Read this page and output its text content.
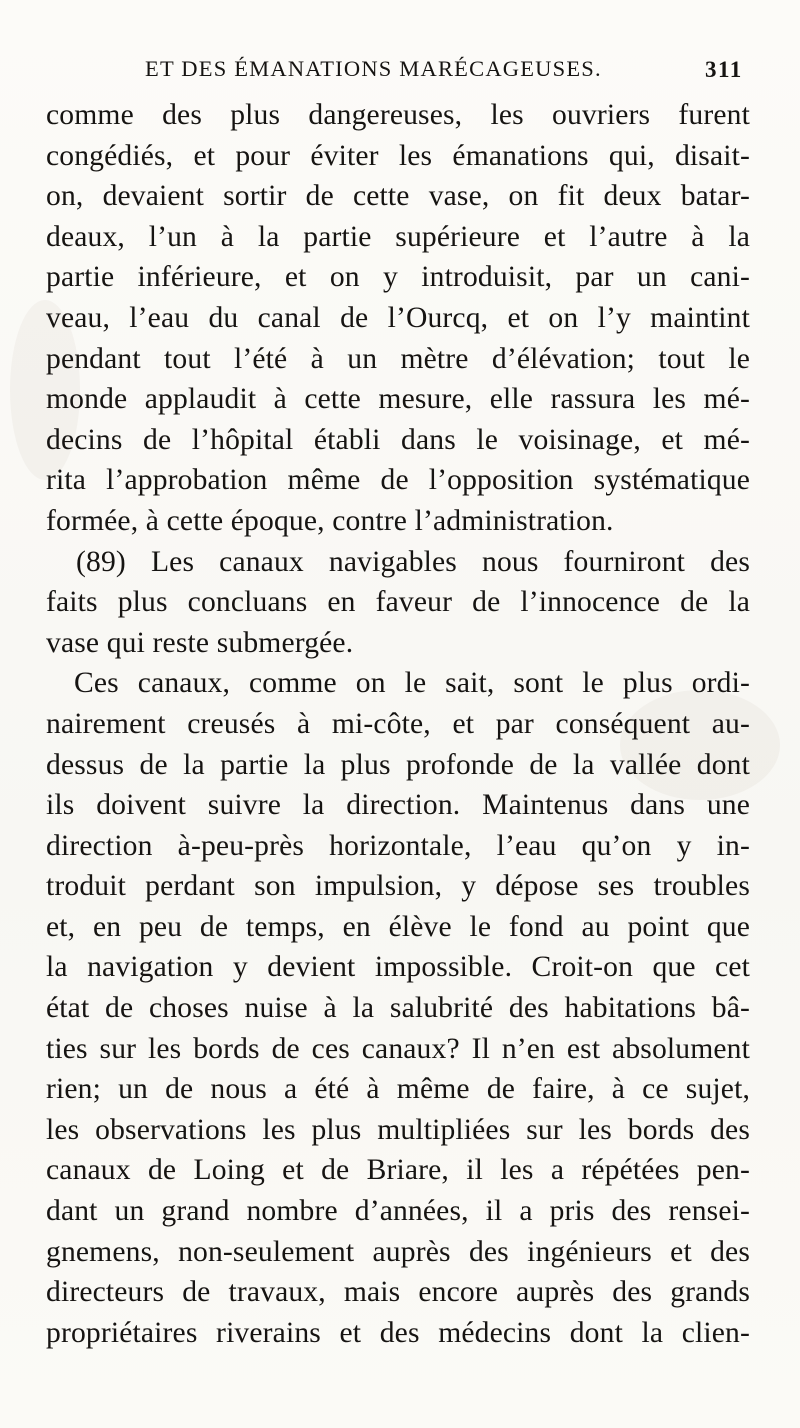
ET DES ÉMANATIONS MARÉCAGEUSES.	311
comme des plus dangereuses, les ouvriers furent
congédiés, et pour éviter les émanations qui, disait-
on, devaient sortir de cette vase, on fit deux batar-
deaux, l’un à la partie supérieure et l’autre à la
partie inférieure, et on y introduisit, par un cani-
veau, l’eau du canal de l’Ourcq, et on l’y maintint
pendant tout l’été à un mètre d’élévation; tout le
monde applaudit à cette mesure, elle rassura les mé-
decins de l’hôpital établi dans le voisinage, et mé-
rita l’approbation même de l’opposition systématique
formée, à cette époque, contre l’administration.
(89) Les canaux navigables nous fourniront des
faits plus concluans en faveur de l’innocence de la
vase qui reste submergée.
Ces canaux, comme on le sait, sont le plus ordi-
nairement creusés à mi-côte, et par conséquent au-
dessus de la partie la plus profonde de la vallée dont
ils doivent suivre la direction. Maintenus dans une
direction à-peu-près horizontale, l’eau qu’on y in-
troduit perdant son impulsion, y dépose ses troubles
et, en peu de temps, en élève le fond au point que
la navigation y devient impossible. Croit-on que cet
état de choses nuise à la salubrité des habitations bâ-
ties sur les bords de ces canaux? Il n’en est absolument
rien; un de nous a été à même de faire, à ce sujet,
les observations les plus multipliées sur les bords des
canaux de Loing et de Briare, il les a répétées pen-
dant un grand nombre d’années, il a pris des rensei-
gnemens, non-seulement auprès des ingénieurs et des
directeurs de travaux, mais encore auprès des grands
propriétaires riverains et des médecins dont la clien-
